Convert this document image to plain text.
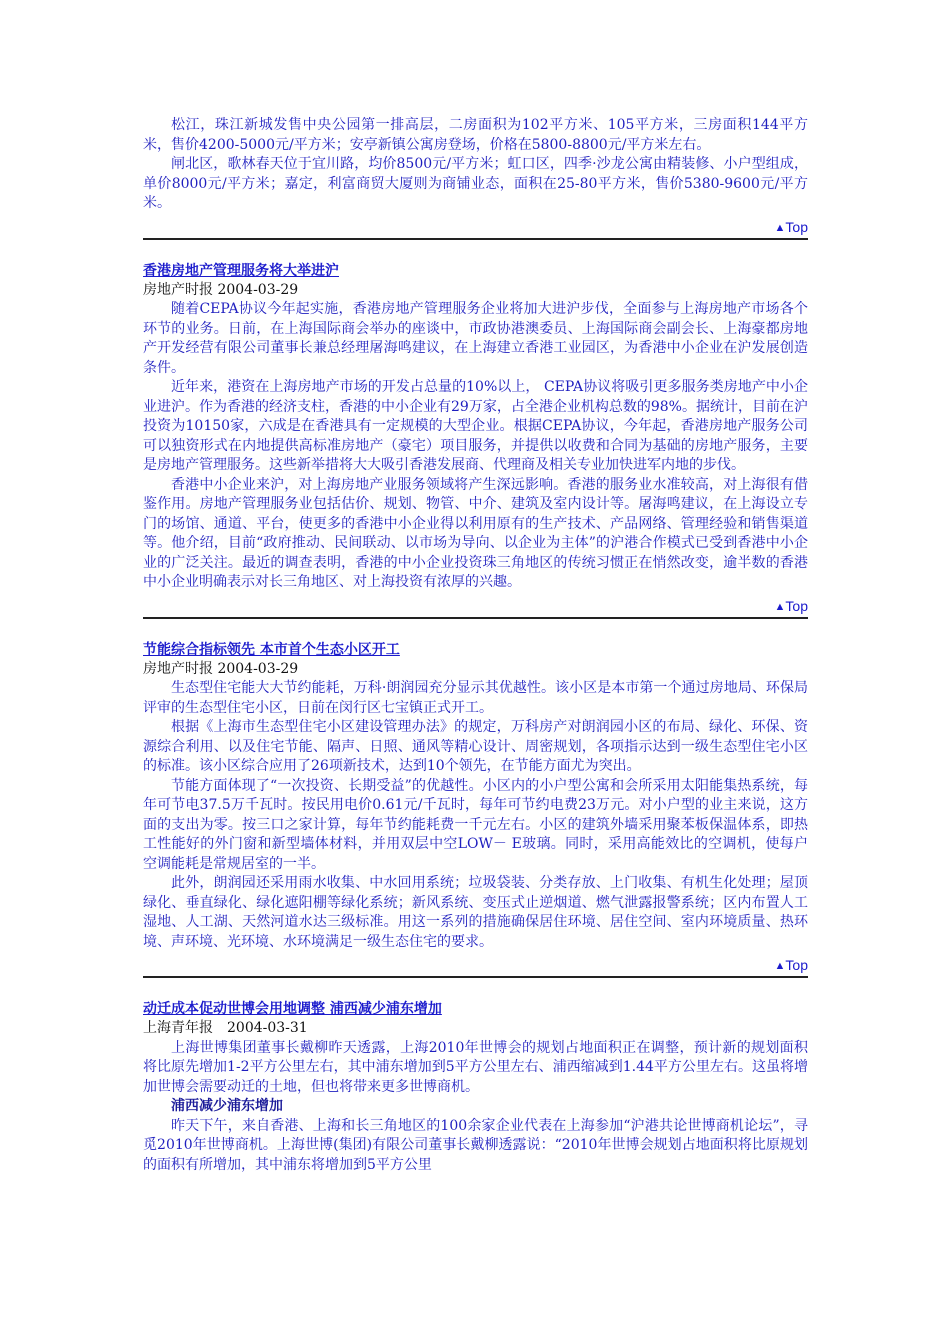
松江，珠江新城发售中央公园第一排高层，二房面积为102平方米、105平方米，三房面积144平方米，售价4200-5000元/平方米；安亭新镇公寓房登场，价格在5800-8800元/平方米左右。

闸北区，歌林春天位于宜川路，均价8500元/平方米；虹口区，四季·沙龙公寓由精装修、小户型组成，单价8000元/平方米；嘉定，利富商贸大厦则为商铺业态，面积在25-80平方米，售价5380-9600元/平方米。

▲Top
香港房地产管理服务将大举进沪
房地产时报 2004-03-29

随着CEPA协议今年起实施，香港房地产管理服务企业将加大进沪步伐，全面参与上海房地产市场各个环节的业务。日前，在上海国际商会举办的座谈中，市政协港澳委员、上海国际商会副会长、上海豪都房地产开发经营有限公司董事长兼总经理屠海鸣建议，在上海建立香港工业园区，为香港中小企业在沪发展创造条件。

近年来，港资在上海房地产市场的开发占总量的10%以上， CEPA协议将吸引更多服务类房地产中小企业进沪。作为香港的经济支柱，香港的中小企业有29万家，占全港企业机构总数的98%。据统计，目前在沪投资为10150家，六成是在香港具有一定规模的大型企业。根据CEPA协议，今年起，香港房地产服务公司可以独资形式在内地提供高标准房地产（豪宅）项目服务，并提供以收费和合同为基础的房地产服务，主要是房地产管理服务。这些新举措将大大吸引香港发展商、代理商及相关专业加快进军内地的步伐。

香港中小企业来沪，对上海房地产业服务领域将产生深远影响。香港的服务业水准较高，对上海很有借鉴作用。房地产管理服务业包括估价、规划、物管、中介、建筑及室内设计等。屠海鸣建议，在上海设立专门的场馆、通道、平台，使更多的香港中小企业得以利用原有的生产技术、产品网络、管理经验和销售渠道等。他介绍，目前“政府推动、民间联动、以市场为导向、以企业为主体”的沪港合作模式已受到香港中小企业的广泛关注。最近的调查表明，香港的中小企业投资珠三角地区的传统习惯正在悄然改变，逾半数的香港中小企业明确表示对长三角地区、对上海投资有浓厚的兴趣。

▲Top
节能综合指标领先 本市首个生态小区开工
房地产时报 2004-03-29

生态型住宅能大大节约能耗，万科·朗润园充分显示其优越性。该小区是本市第一个通过房地局、环保局评审的生态型住宅小区，日前在闵行区七宝镇正式开工。

根据《上海市生态型住宅小区建设管理办法》的规定，万科房产对朗润园小区的布局、绿化、环保、资源综合利用、以及住宅节能、隔声、日照、通风等精心设计、周密规划，各项指示达到一级生态型住宅小区的标准。该小区综合应用了26项新技术，达到10个领先，在节能方面尤为突出。

节能方面体现了“一次投资、长期受益”的优越性。小区内的小户型公寓和会所采用太阳能集热系统，每年可节电37.5万千瓦时。按民用电价0.61元/千瓦时，每年可节约电费23万元。对小户型的业主来说，这方面的支出为零。按三口之家计算，每年节约能耗费一千元左右。小区的建筑外墙采用聚苯板保温体系，即热工性能好的外门窗和新型墙体材料，并用双层中空LOW－ E玻璃。同时，采用高能效比的空调机，使每户空调能耗是常规居室的一半。

此外，朗润园还采用雨水收集、中水回用系统；垃圾袋装、分类存放、上门收集、有机生化处理；屋顶绿化、垂直绿化、绿化遮阳棚等绿化系统；新风系统、变压式止逆烟道、燃气泄露报警系统；区内布置人工湿地、人工湖、天然河道水达三级标准。用这一系列的措施确保居住环境、居住空间、室内环境质量、热环境、声环境、光环境、水环境满足一级生态住宅的要求。

▲Top
动迁成本促动世博会用地调整 浦西减少浦东增加
上海青年报　2004-03-31

上海世博集团董事长戴柳昨天透露，上海2010年世博会的规划占地面积正在调整，预计新的规划面积将比原先增加1-2平方公里左右，其中浦东增加到5平方公里左右、浦西缩减到1.44平方公里左右。这虽将增加世博会需要动迁的土地，但也将带来更多世博商机。

浦西减少浦东增加

昨天下午，来自香港、上海和长三角地区的100余家企业代表在上海参加“沪港共论世博商机论坛”，寻觅2010年世博商机。上海世博(集团)有限公司董事长戴柳透露说：“2010年世博会规划占地面积将比原规划的面积有所增加，其中浦东将增加到5平方公里
